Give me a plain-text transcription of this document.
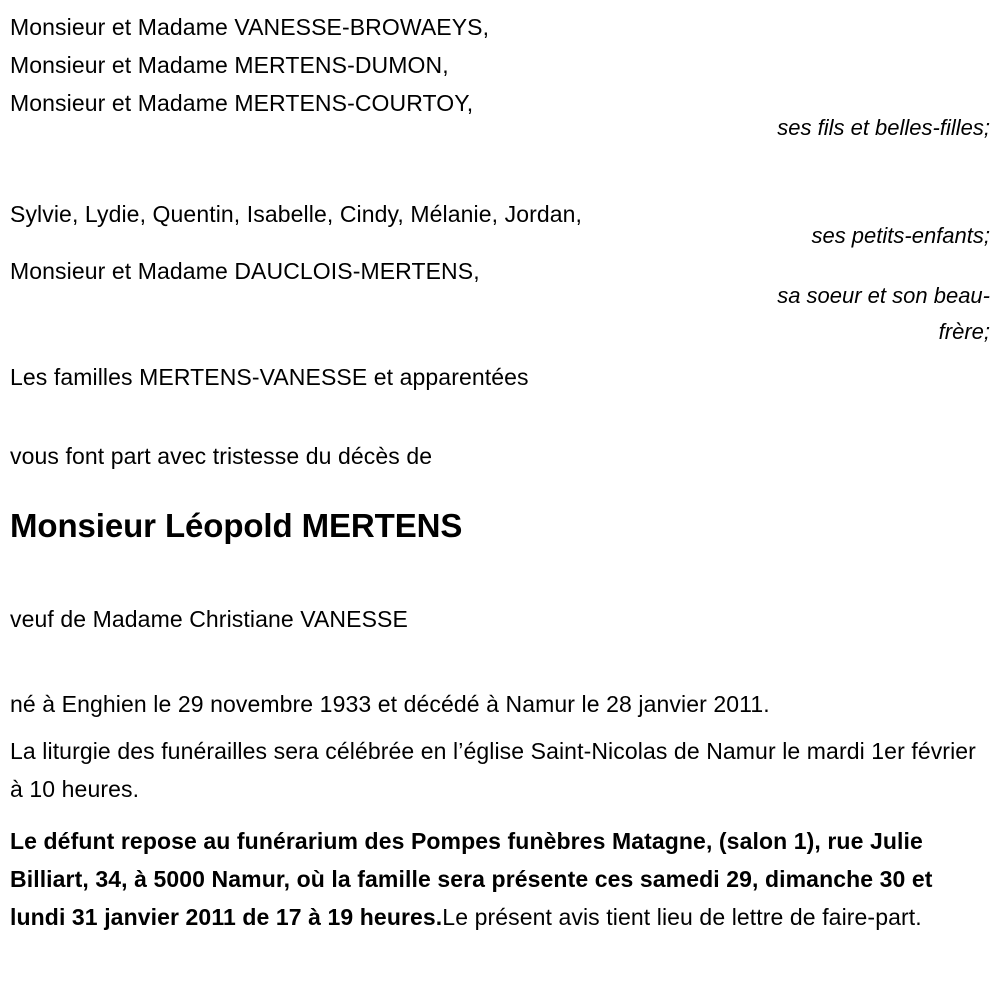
Monsieur et Madame VANESSE-BROWAEYS,
Monsieur et Madame MERTENS-DUMON,
Monsieur et Madame MERTENS-COURTOY,
ses fils et belles-filles;
Sylvie, Lydie, Quentin, Isabelle, Cindy, Mélanie, Jordan,
ses petits-enfants;
Monsieur et Madame DAUCLOIS-MERTENS,
sa soeur et son beau-frère;
Les familles MERTENS-VANESSE et apparentées
vous font part avec tristesse du décès de
Monsieur Léopold MERTENS
veuf de Madame Christiane VANESSE
né à Enghien le 29 novembre 1933 et décédé à Namur le 28 janvier 2011.
La liturgie des funérailles sera célébrée en l’église Saint-Nicolas de Namur le mardi 1er février à 10 heures.
Le défunt repose au funérarium des Pompes funèbres Matagne, (salon 1), rue Julie Billiart, 34, à 5000 Namur, où la famille sera présente ces samedi 29, dimanche 30 et lundi 31 janvier 2011 de 17 à 19 heures.Le présent avis tient lieu de lettre de faire-part.
